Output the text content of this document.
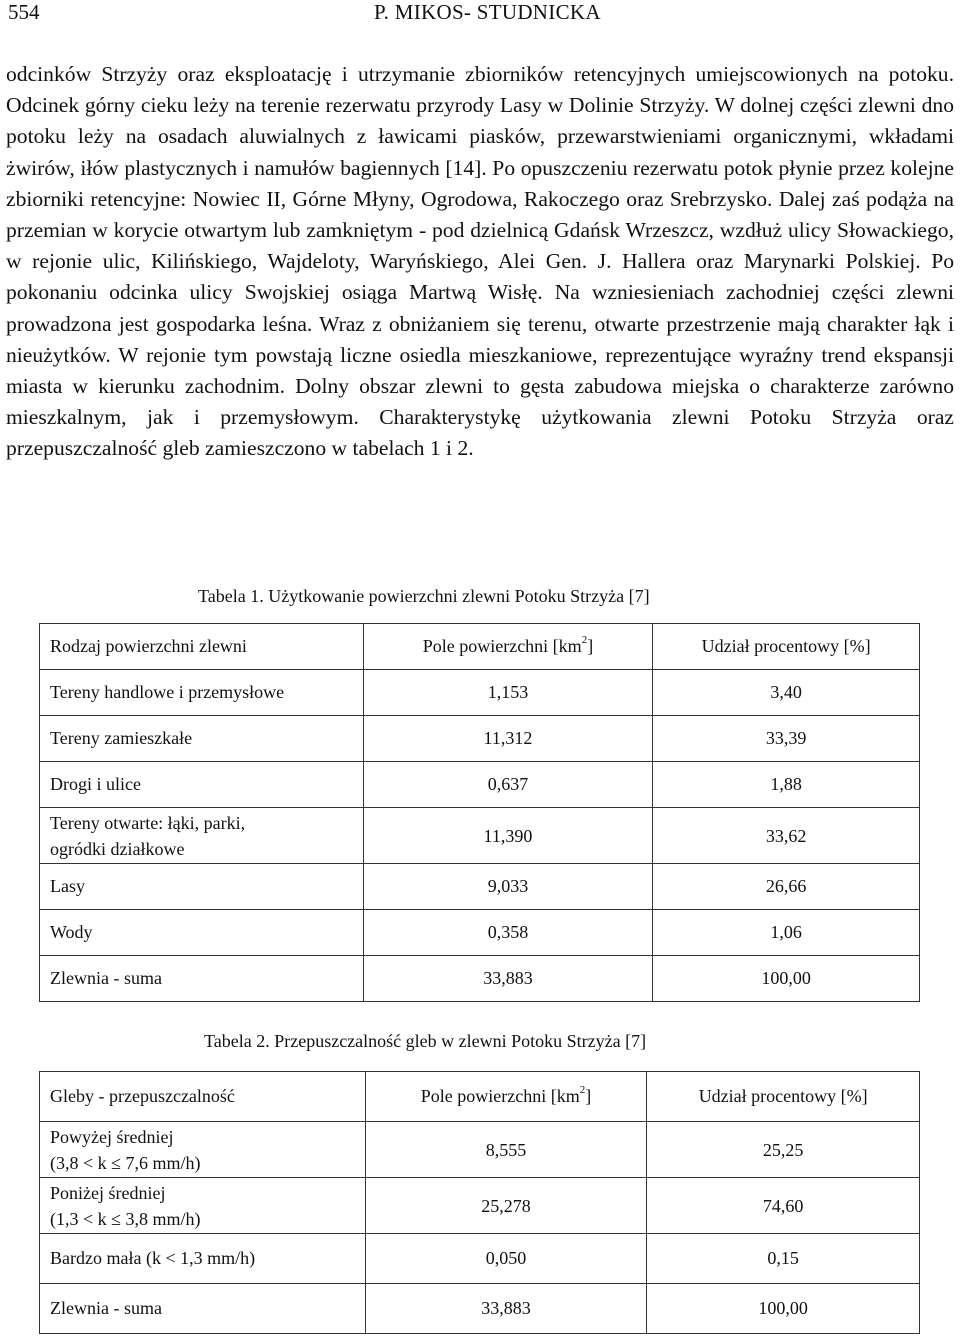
554	P. MIKOS- STUDNICKA

odcinków Strzyży oraz eksploatację i utrzymanie zbiorników retencyjnych umiejscowionych na potoku. Odcinek górny cieku leży na terenie rezerwatu przyrody Lasy w Dolinie Strzyży. W dolnej części zlewni dno potoku leży na osadach aluwialnych z ławicami piasków, przewarstwieniami organicznymi, wkładami żwirów, iłów plastycznych i namułów bagiennych [14]. Po opuszczeniu rezerwatu potok płynie przez kolejne zbiorniki retencyjne: Nowiec II, Górne Młyny, Ogrodowa, Rakoczego oraz Srebrzysko. Dalej zaś podąża na przemian w korycie otwartym lub zamkniętym - pod dzielnicą Gdańsk Wrzeszcz, wzdłuż ulicy Słowackiego, w rejonie ulic, Kilińskiego, Wajdeloty, Waryńskiego, Alei Gen. J. Hallera oraz Marynarki Polskiej. Po pokonaniu odcinka ulicy Swojskiej osiąga Martwą Wisłę. Na wzniesieniach zachodniej części zlewni prowadzona jest gospodarka leśna. Wraz z obniżaniem się terenu, otwarte przestrzenie mają charakter łąk i nieużytków. W rejonie tym powstają liczne osiedla mieszkaniowe, reprezentujące wyraźny trend ekspansji miasta w kierunku zachodnim. Dolny obszar zlewni to gęsta zabudowa miejska o charakterze zarówno mieszkalnym, jak i przemysłowym. Charakterystykę użytkowania zlewni Potoku Strzyża oraz przepuszczalność gleb zamieszczono w tabelach 1 i 2.

Tabela 1. Użytkowanie powierzchni zlewni Potoku Strzyża [7]
Rodzaj powierzchni zlewni	Pole powierzchni $[km^2]$	Udział procentowy [%]
Tereny handlowe i przemysłowe	1,153	3,40
Tereny zamieszkałe	11,312	33,39
Drogi i ulice	0,637	1,88

Tereny otwarte: łąki, parki,
ogródki działkowe	11,390	33,62
Lasy	9,033	26,66
Wody	0,358	1,06
Zlewnia - suma	33,883	100,00
Tabela 2. Przepuszczalność gleb w zlewni Potoku Strzyża [7]
Gleby - przepuszczalność	Pole powierzchni $[km^2]$	Udział procentowy [%]

Powyżej średniej
(3,8 < k ≤ 7,6 mm/h)	8,555	25,25

Poniżej średniej
(1,3 < k ≤ 3,8 mm/h)	25,278	74,60
Bardzo mała (k < 1,3 mm/h)	0,050	0,15
Zlewnia - suma	33,883	100,00
